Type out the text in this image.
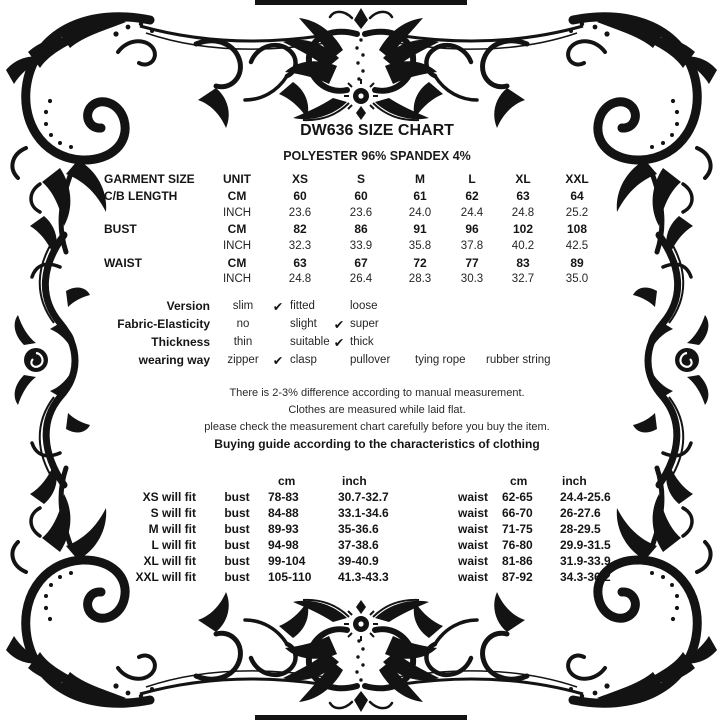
DW636 SIZE CHART
POLYESTER 96% SPANDEX 4%
GARMENT SIZE	UNIT	XS	S	M	L	XL	XXL
C/B LENGTH	CM	60	60	61	62	63	64
INCH	23.6	23.6	24.0	24.4	24.8	25.2
BUST	CM	82	86	91	96	102	108
INCH	32.3	33.9	35.8	37.8	40.2	42.5
WAIST	CM	63	67	72	77	83	89
INCH	24.8	26.4	28.3	30.3	32.7	35.0
Version	slim	✔ fitted	loose
Fabric-Elasticity	no	slight	✔ super
Thickness	thin	suitable ✔ thick
wearing way	zipper	✔ clasp	pullover	tying rope	rubber string
There is 2-3% difference according to manual measurement.
Clothes are measured while laid flat.
please check the measurement chart carefully before you buy the item.
Buying guide according to the characteristics of clothing
cm	inch	cm	inch
XS will fit	bust	78-83	30.7-32.7	waist	62-65	24.4-25.6
S will fit	bust	84-88	33.1-34.6	waist	66-70	26-27.6
M will fit	bust	89-93	35-36.6	waist	71-75	28-29.5
L will fit	bust	94-98	37-38.6	waist	76-80	29.9-31.5
XL will fit	bust	99-104	39-40.9	waist	81-86	31.9-33.9
XXL will fit	bust	105-110	41.3-43.3	waist	87-92	34.3-36.2
